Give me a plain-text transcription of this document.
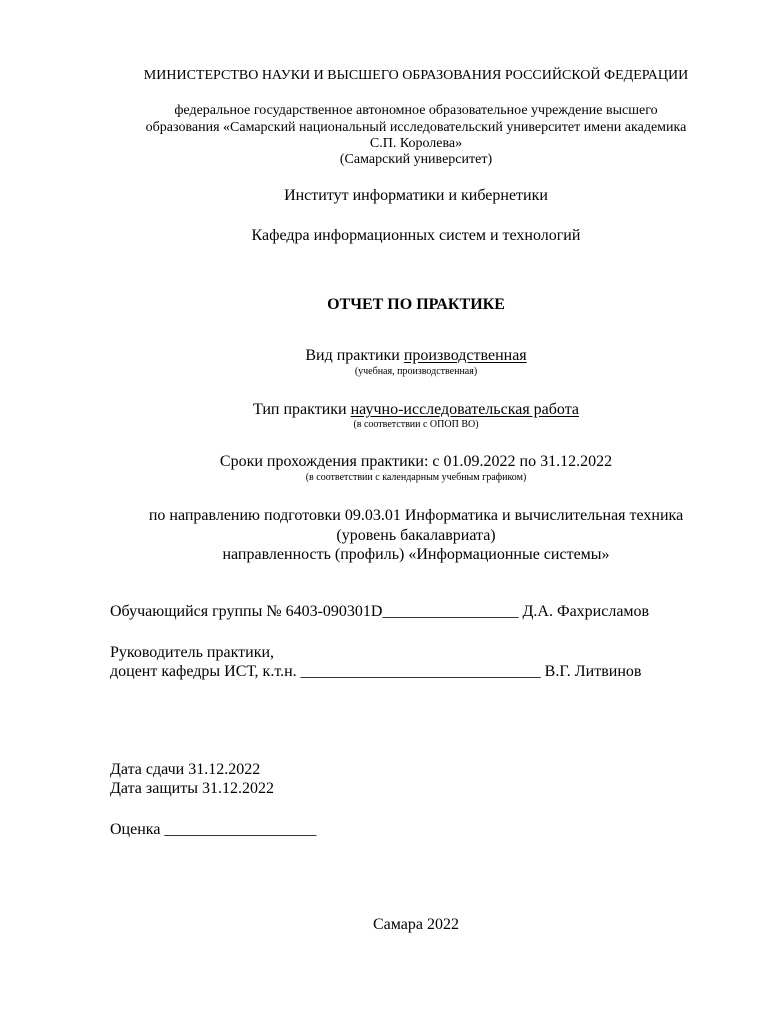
МИНИСТЕРСТВО НАУКИ И ВЫСШЕГО ОБРАЗОВАНИЯ РОССИЙСКОЙ ФЕДЕРАЦИИ
федеральное государственное автономное образовательное учреждение высшего
образования «Самарский национальный исследовательский университет имени академика
С.П. Королева»
(Самарский университет)
Институт информатики и кибернетики
Кафедра информационных систем и технологий
ОТЧЕТ ПО ПРАКТИКЕ
Вид практики производственная
(учебная, производственная)
Тип практики научно-исследовательская работа
(в соответствии с ОПОП ВО)
Сроки прохождения практики: с 01.09.2022 по 31.12.2022
(в соответствии с календарным учебным графиком)
по направлению подготовки 09.03.01 Информатика и вычислительная техника
(уровень бакалавриата)
направленность (профиль) «Информационные системы»
Обучающийся группы № 6403-090301D_________________ Д.А. Фахрисламов
Руководитель практики,
доцент кафедры ИСТ, к.т.н. ______________________________ В.Г. Литвинов
Дата сдачи 31.12.2022
Дата защиты 31.12.2022
Оценка ___________________
Самара 2022
